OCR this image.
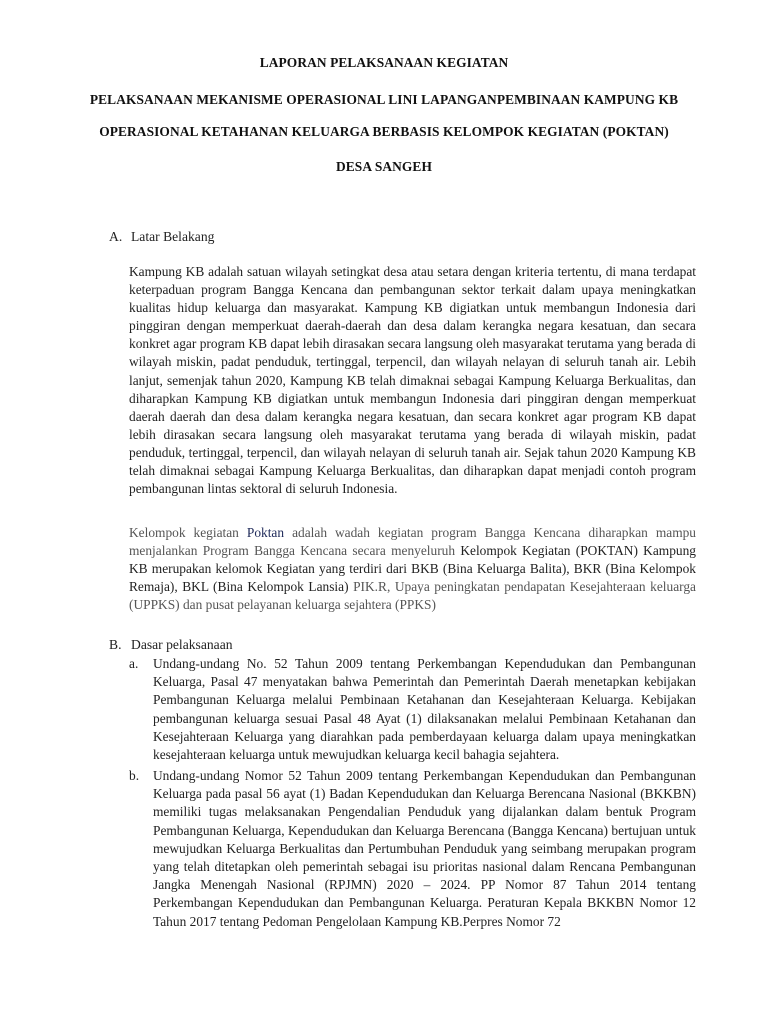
LAPORAN PELAKSANAAN KEGIATAN
PELAKSANAAN MEKANISME OPERASIONAL LINI LAPANGANPEMBINAAN KAMPUNG KB
OPERASIONAL KETAHANAN KELUARGA BERBASIS KELOMPOK KEGIATAN (POKTAN)
DESA SANGEH
A. Latar Belakang
Kampung KB adalah satuan wilayah setingkat desa atau setara dengan kriteria tertentu, di mana terdapat keterpaduan program Bangga Kencana dan pembangunan sektor terkait dalam upaya meningkatkan kualitas hidup keluarga dan masyarakat. Kampung KB digiatkan untuk membangun Indonesia dari pinggiran dengan memperkuat daerah-daerah dan desa dalam kerangka negara kesatuan, dan secara konkret agar program KB dapat lebih dirasakan secara langsung oleh masyarakat terutama yang berada di wilayah miskin, padat penduduk, tertinggal, terpencil, dan wilayah nelayan di seluruh tanah air. Lebih lanjut, semenjak tahun 2020, Kampung KB telah dimaknai sebagai Kampung Keluarga Berkualitas, dan diharapkan Kampung KB digiatkan untuk membangun Indonesia dari pinggiran dengan memperkuat daerah daerah dan desa dalam kerangka negara kesatuan, dan secara konkret agar program KB dapat lebih dirasakan secara langsung oleh masyarakat terutama yang berada di wilayah miskin, padat penduduk, tertinggal, terpencil, dan wilayah nelayan di seluruh tanah air. Sejak tahun 2020 Kampung KB telah dimaknai sebagai Kampung Keluarga Berkualitas, dan diharapkan dapat menjadi contoh program pembangunan lintas sektoral di seluruh Indonesia.
Kelompok kegiatan Poktan adalah wadah kegiatan program Bangga Kencana diharapkan mampu menjalankan Program Bangga Kencana secara menyeluruh Kelompok Kegiatan (POKTAN) Kampung KB merupakan kelomok Kegiatan yang terdiri dari BKB (Bina Keluarga Balita), BKR (Bina Kelompok Remaja), BKL (Bina Kelompok Lansia) PIK.R, Upaya peningkatan pendapatan Kesejahteraan keluarga (UPPKS) dan pusat pelayanan keluarga sejahtera (PPKS)
B. Dasar pelaksanaan
a.	Undang-undang No. 52 Tahun 2009 tentang Perkembangan Kependudukan dan Pembangunan Keluarga, Pasal 47 menyatakan bahwa Pemerintah dan Pemerintah Daerah menetapkan kebijakan Pembangunan Keluarga melalui Pembinaan Ketahanan dan Kesejahteraan Keluarga. Kebijakan pembangunan keluarga sesuai Pasal 48 Ayat (1) dilaksanakan melalui Pembinaan Ketahanan dan Kesejahteraan Keluarga yang diarahkan pada pemberdayaan keluarga dalam upaya meningkatkan kesejahteraan keluarga untuk mewujudkan keluarga kecil bahagia sejahtera.
b.	Undang-undang Nomor 52 Tahun 2009 tentang Perkembangan Kependudukan dan Pembangunan Keluarga pada pasal 56 ayat (1) Badan Kependudukan dan Keluarga Berencana Nasional (BKKBN) memiliki tugas melaksanakan Pengendalian Penduduk yang dijalankan dalam bentuk Program Pembangunan Keluarga, Kependudukan dan Keluarga Berencana (Bangga Kencana) bertujuan untuk mewujudkan Keluarga Berkualitas dan Pertumbuhan Penduduk yang seimbang merupakan program yang telah ditetapkan oleh pemerintah sebagai isu prioritas nasional dalam Rencana Pembangunan Jangka Menengah Nasional (RPJMN) 2020 – 2024. PP Nomor 87 Tahun 2014 tentang Perkembangan Kependudukan dan Pembangunan Keluarga. Peraturan Kepala BKKBN Nomor 12 Tahun 2017 tentang Pedoman Pengelolaan Kampung KB.Perpres Nomor 72
